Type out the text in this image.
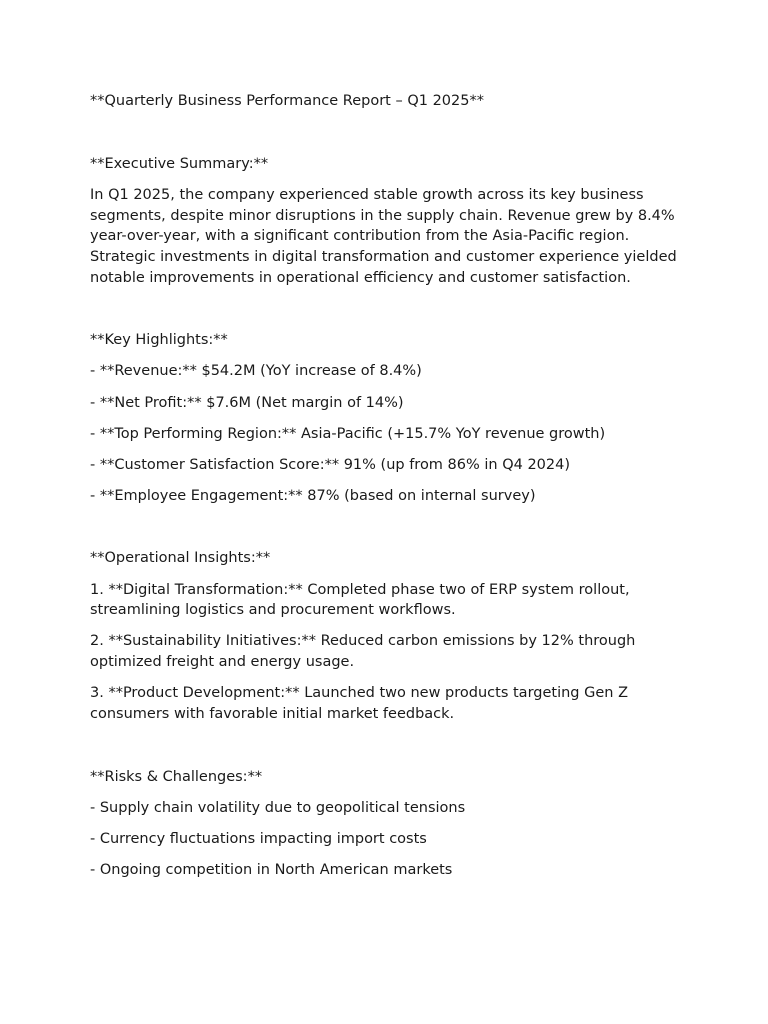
**Quarterly Business Performance Report – Q1 2025**

**Executive Summary:**

In Q1 2025, the company experienced stable growth across its key business segments, despite minor disruptions in the supply chain. Revenue grew by 8.4% year-over-year, with a significant contribution from the Asia-Pacific region. Strategic investments in digital transformation and customer experience yielded notable improvements in operational efficiency and customer satisfaction.

**Key Highlights:**

- **Revenue:** $54.2M (YoY increase of 8.4%)

- **Net Profit:** $7.6M (Net margin of 14%)

- **Top Performing Region:** Asia-Pacific (+15.7% YoY revenue growth)

- **Customer Satisfaction Score:** 91% (up from 86% in Q4 2024)

- **Employee Engagement:** 87% (based on internal survey)

**Operational Insights:**

1. **Digital Transformation:** Completed phase two of ERP system rollout, streamlining logistics and procurement workflows.

2. **Sustainability Initiatives:** Reduced carbon emissions by 12% through optimized freight and energy usage.

3. **Product Development:** Launched two new products targeting Gen Z consumers with favorable initial market feedback.

**Risks & Challenges:**

- Supply chain volatility due to geopolitical tensions

- Currency fluctuations impacting import costs

- Ongoing competition in North American markets
